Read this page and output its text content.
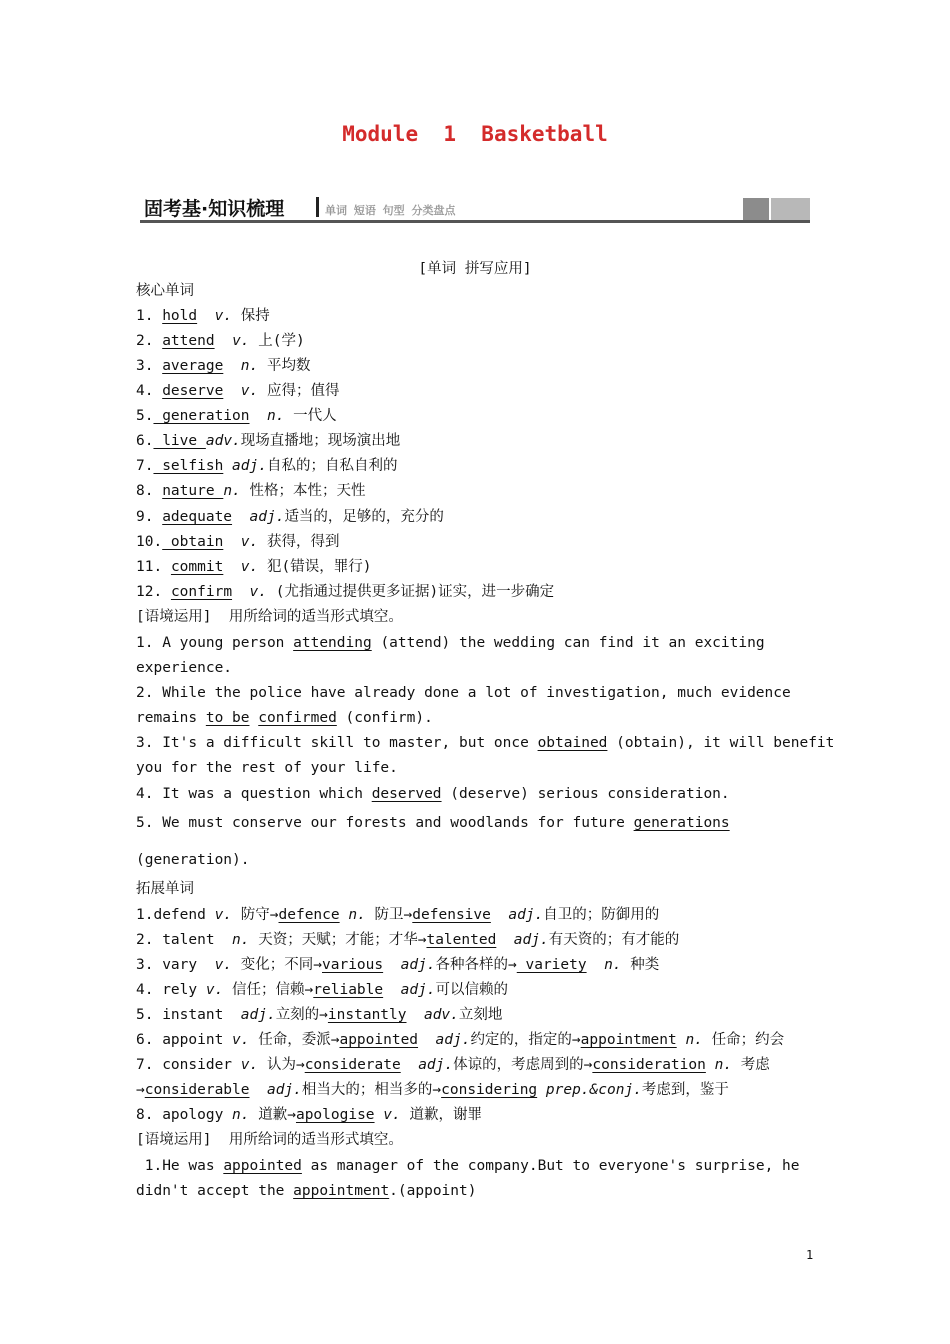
Module  1  Basketball
固考基·知识梳理	单词 短语 句型 分类盘点
[单词 拼写应用]
核心单词
1. hold v. 保持
2. attend v. 上(学)
3. average n. 平均数
4. deserve v. 应得；值得
5. generation n. 一代人
6. live adv.现场直播地；现场演出地
7. selfish adj.自私的；自私自利的
8. nature n. 性格；本性；天性
9. adequate adj.适当的，足够的，充分的
10. obtain v. 获得，得到
11. commit v. 犯(错误，罪行)
12. confirm v. (尤指通过提供更多证据)证实，进一步确定
[语境运用]  用所给词的适当形式填空。
1. A young person attending (attend) the wedding can find it an exciting
experience.
2. While the police have already done a lot of investigation, much evidence
remains to be confirmed (confirm).
3. It's a difficult skill to master, but once obtained (obtain), it will benefit
you for the rest of your life.
4. It was a question which deserved (deserve) serious consideration.
5. We must conserve our forests and woodlands for future generations
(generation).
拓展单词
1.defend v. 防守→defence n. 防卫→defensive adj.自卫的；防御用的
2. talent  n. 天资；天赋；才能；才华→talented adj.有天资的；有才能的
3. vary  v. 变化；不同→various adj.各种各样的→ variety n. 种类
4. rely v. 信任；信赖→reliable adj.可以信赖的
5. instant  adj.立刻的→instantly adv.立刻地
6. appoint v. 任命，委派→appointed adj.约定的，指定的→appointment n. 任命；约会
7. consider v. 认为→considerate adj.体谅的，考虑周到的→consideration n. 考虑
→considerable adj.相当大的；相当多的→considering prep.&conj.考虑到，鉴于
8. apology n. 道歉→apologise v. 道歉，谢罪
[语境运用]  用所给词的适当形式填空。
1.He was appointed as manager of the company.But to everyone's surprise, he
didn't accept the appointment.(appoint)
1
